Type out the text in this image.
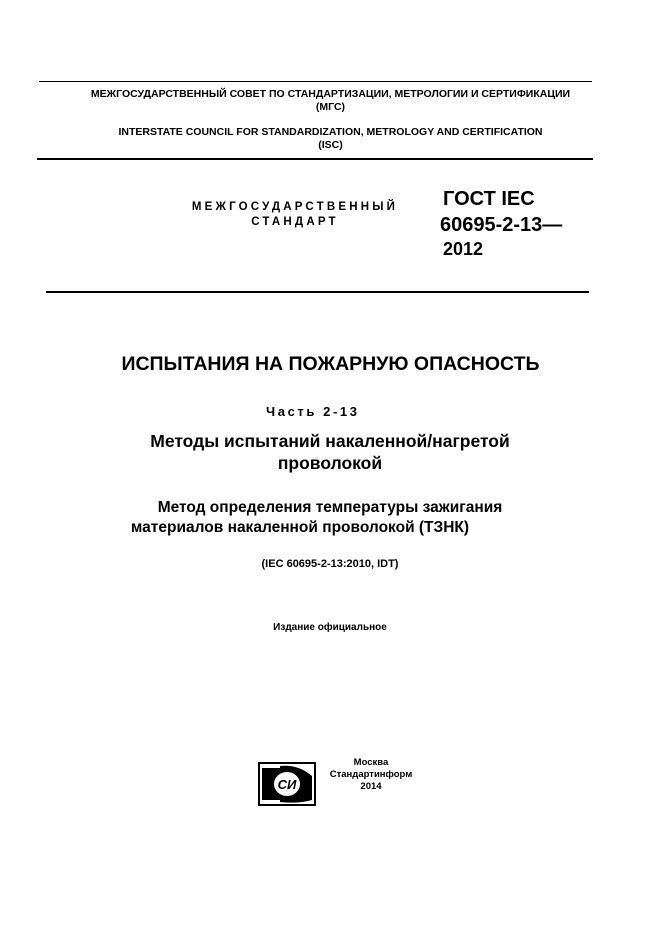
МЕЖГОСУДАРСТВЕННЫЙ СОВЕТ ПО СТАНДАРТИЗАЦИИ, МЕТРОЛОГИИ И СЕРТИФИКАЦИИ
(МГС)
INTERSTATE COUNCIL FOR STANDARDIZATION, METROLOGY AND CERTIFICATION
(ISC)
МЕЖГОСУДАРСТВЕННЫЙ
СТАНДАРТ
ГОСТ IEC
60695-2-13—
2012
ИСПЫТАНИЯ НА ПОЖАРНУЮ ОПАСНОСТЬ
Часть 2-13
Методы испытаний накаленной/нагретой
проволокой
Метод определения температуры зажигания
материалов накаленной проволокой (ТЗНК)
(IEC 60695-2-13:2010, IDT)
Издание официальное
СИ
Москва
Стандартинформ
2014
